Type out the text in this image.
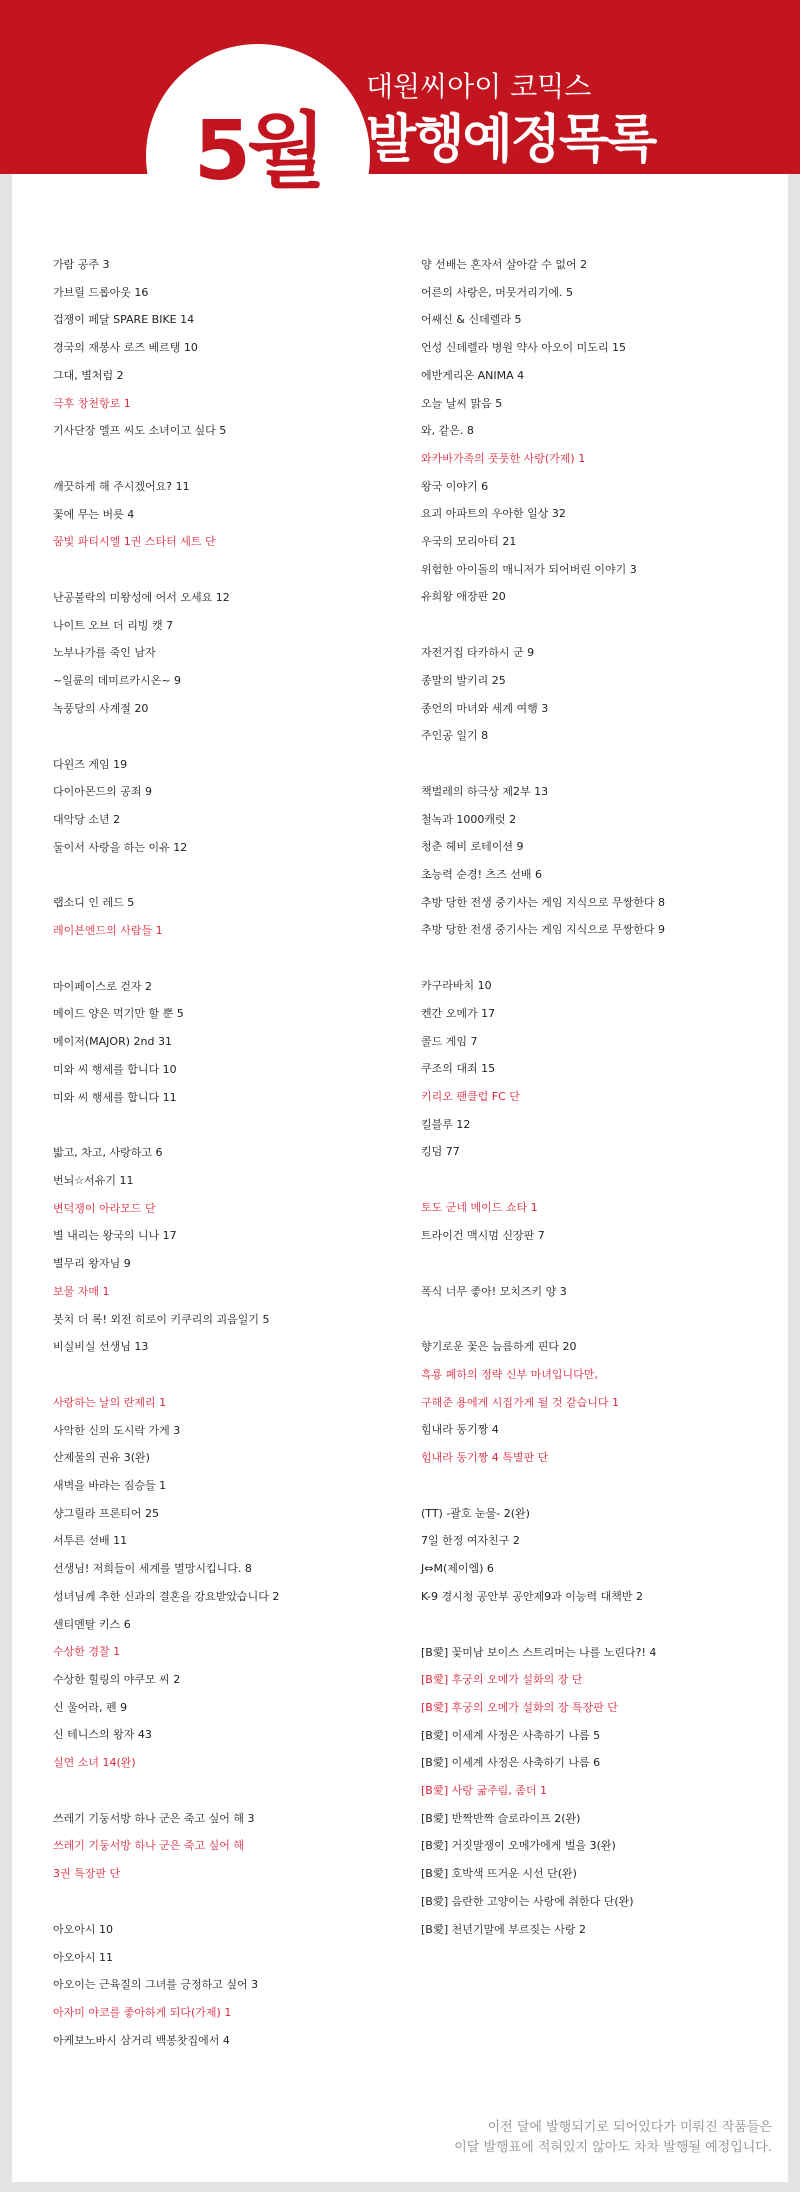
5월
대원씨아이 코믹스
발행예정목록
가람 공주 3
가브릴 드롭아웃 16
겁쟁이 페달 SPARE BIKE 14
경국의 재봉사 로즈 베르탱 10
그대, 별처럼 2
극후 창천항로 1
기사단장 엘프 씨도 소녀이고 싶다 5
깨끗하게 해 주시겠어요? 11
꽃에 무는 버릇 4
꿈빛 파티시엘 1권 스타터 세트 단
난공불락의 미왕성에 어서 오세요 12
나이트 오브 더 리빙 캣 7
노부나가를 죽인 남자
~일륜의 데미르카시온~ 9
녹풍당의 사계절 20
다윈즈 게임 19
다이아몬드의 공죄 9
대악당 소년 2
둘이서 사랑을 하는 이유 12
랩소디 인 레드 5
레이븐엔드의 사람들 1
마이페이스로 걷자 2
메이드 양은 먹기만 할 뿐 5
메이저(MAJOR) 2nd 31
미와 씨 행세를 합니다 10
미와 씨 행세를 합니다 11
밟고, 차고, 사랑하고 6
번뇌☆서유기 11
변덕쟁이 아라모드 단
별 내리는 왕국의 니나 17
별무리 왕자님 9
보물 자매 1
봇치 더 록! 외전 히로이 키쿠리의 괴음일기 5
비실비실 선생님 13
사랑하는 날의 란제리 1
사악한 신의 도시락 가게 3
산제물의 권유 3(완)
새벽을 바라는 짐승들 1
샹그릴라 프론티어 25
서투른 선배 11
선생님! 저희들이 세계를 멸망시킵니다. 8
성녀님께 추한 신과의 결혼을 강요받았습니다 2
센티멘탈 키스 6
수상한 경찰 1
수상한 힐링의 야쿠모 씨 2
신 울어라, 펜 9
신 테니스의 왕자 43
실연 소녀 14(완)
쓰레기 기둥서방 하나 군은 죽고 싶어 해 3
쓰레기 기둥서방 하나 군은 죽고 싶어 해
3권 특장판 단
아오아시 10
아오아시 11
아오이는 근육질의 그녀를 긍정하고 싶어 3
아자미 야코를 좋아하게 되다(가제) 1
아케보노바시 삼거리 백봉찻집에서 4
양 선배는 혼자서 살아갈 수 없어 2
어른의 사랑은, 머뭇거리기에. 5
어쌔신 & 신데렐라 5
언성 신데렐라 병원 약사 아오이 미도리 15
에반게리온 ANIMA 4
오늘 날씨 맑음 5
와, 같은. 8
와카바가족의 풋풋한 사랑(가제) 1
왕국 이야기 6
요괴 아파트의 우아한 일상 32
우국의 모리아티 21
위험한 아이돌의 매니저가 되어버린 이야기 3
유희왕 애장판 20
자전거집 타카하시 군 9
종말의 발키리 25
종언의 마녀와 세계 여행 3
주인공 일기 8
책벌레의 하극상 제2부 13
철녹과 1000캐럿 2
청춘 헤비 로테이션 9
초능력 순경! 츠즈 선배 6
추방 당한 전생 중기사는 게임 지식으로 무쌍한다 8
추방 당한 전생 중기사는 게임 지식으로 무쌍한다 9
카구라바치 10
켄간 오메가 17
콜드 게임 7
쿠조의 대죄 15
키리오 팬클럽 FC 단
킬블루 12
킹덤 77
토도 군네 메이드 쇼타 1
트라이건 맥시멈 신장판 7
폭식 너무 좋아! 모치즈키 양 3
향기로운 꽃은 늠름하게 핀다 20
흑룡 폐하의 정략 신부 마녀입니다만,
구해준 용에게 시집가게 될 것 같습니다 1
힘내라 동기짱 4
힘내라 동기짱 4 특별판 단
(TT) -괄호 눈물- 2(완)
7일 한정 여자친구 2
J⇔M(제이엠) 6
K-9 경시청 공안부 공안제9과 이능력 대책반 2
[B愛] 꽃미남 보이스 스트리머는 나를 노린다?! 4
[B愛] 후궁의 오메가 설화의 장 단
[B愛] 후궁의 오메가 설화의 장 특장판 단
[B愛] 이세계 사정은 사축하기 나름 5
[B愛] 이세계 사정은 사축하기 나름 6
[B愛] 사랑 굶주림, 좀더 1
[B愛] 반짝반짝 슬로라이프 2(완)
[B愛] 거짓말쟁이 오메가에게 벌을 3(완)
[B愛] 호박색 뜨거운 시선 단(완)
[B愛] 음란한 고양이는 사랑에 취한다 단(완)
[B愛] 천년기말에 부르짖는 사랑 2
이전 달에 발행되기로 되어있다가 미뤄진 작품들은
이달 발행표에 적혀있지 않아도 차차 발행될 예정입니다.
